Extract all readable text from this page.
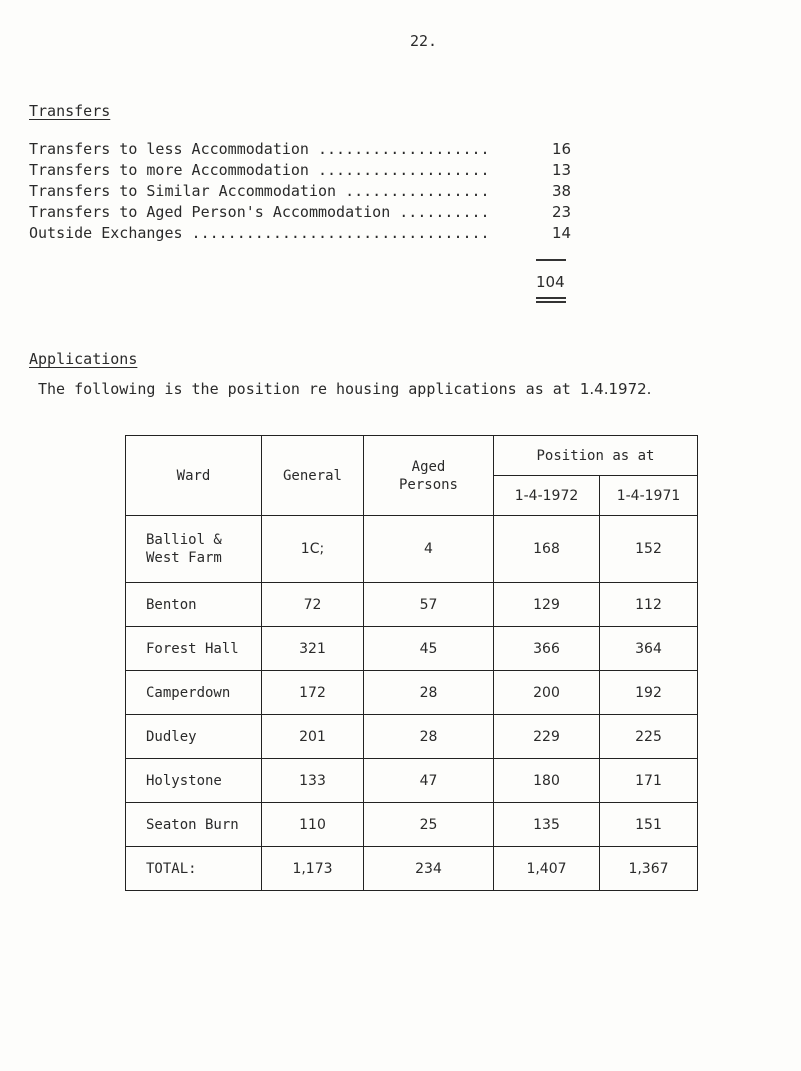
22.
Transfers
Transfers to less Accommodation ...................	16
Transfers to more Accommodation ...................	13
Transfers to Similar Accommodation ................	38
Transfers to Aged Person's Accommodation ..........	23
Outside Exchanges .................................	14
104
Applications
The following is the position re housing applications as at 1.4.1972.
Ward	General	Aged Persons	Position as at	
			1-4-1972	1-4-1971
Balliol & West Farm	1C;	4	168	152
Benton	72	57	129	112
Forest Hall	321	45	366	364
Camperdown	172	28	200	192
Dudley	201	28	229	225
Holystone	133	47	180	171
Seaton Burn	110	25	135	151
TOTAL:	1,173	234	1,407	1,367
